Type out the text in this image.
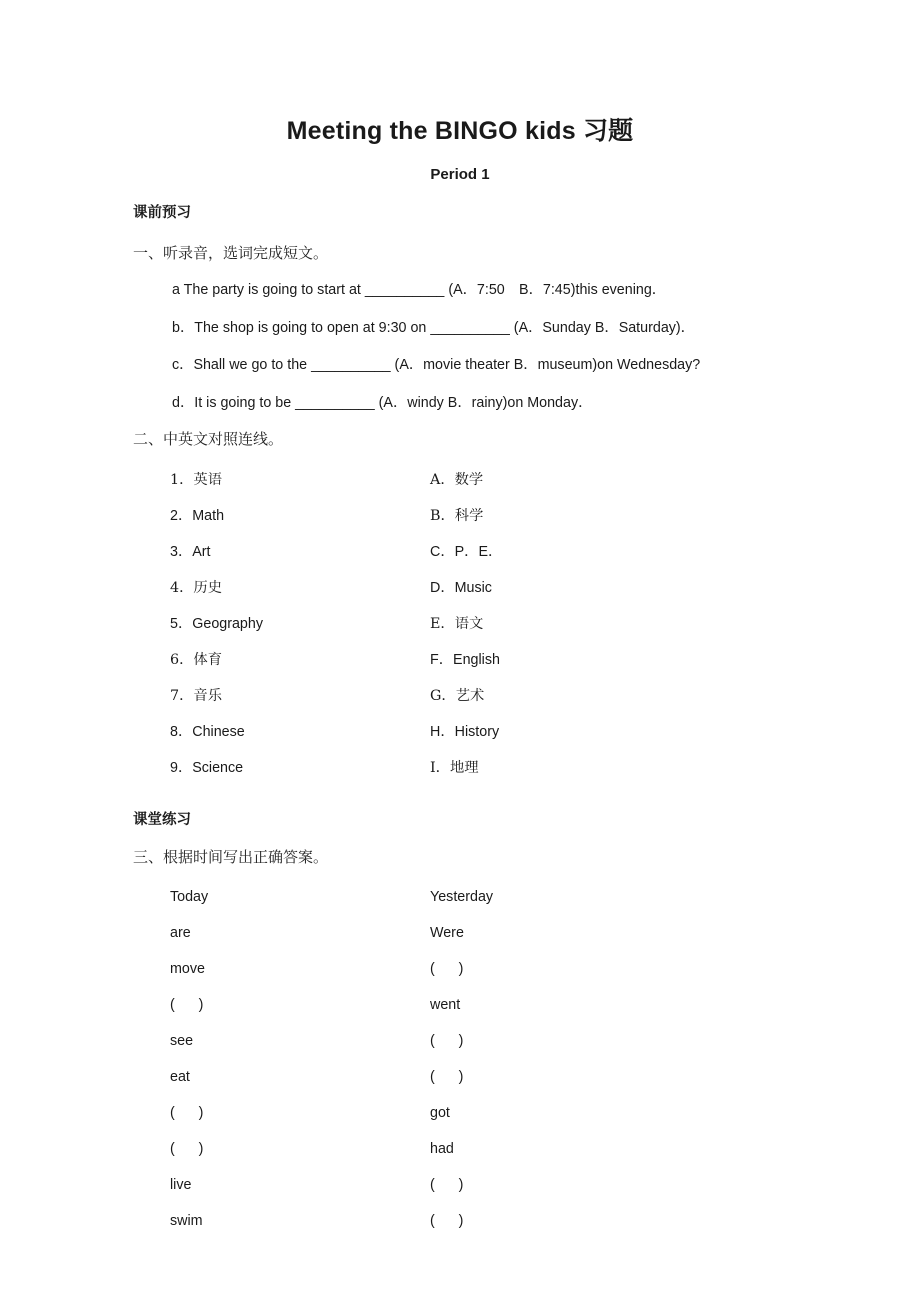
Meeting the BINGO kids 习题
Period 1
课前预习
一、听录音，选词完成短文。
a The party is going to start at __________ (A．7:50　B．7:45)this evening．
b．The shop is going to open at 9:30 on __________ (A．Sunday B．Saturday)．
c．Shall we go to the __________ (A．movie theater B．museum)on Wednesday?
d．It is going to be __________ (A．windy B．rainy)on Monday．
二、中英文对照连线。
1．英语	A．数学
2．Math	B．科学
3．Art	C．P．E．
4．历史	D．Music
5．Geography	E．语文
6．体育	F．English
7．音乐	G．艺术
8．Chinese	H．History
9．Science	I．地理
课堂练习
三、根据时间写出正确答案。
Today	Yesterday
are	Were
move	(      )
(      )	went
see	(      )
eat	(      )
(      )	got
(      )	had
live	(      )
swim	(      )
